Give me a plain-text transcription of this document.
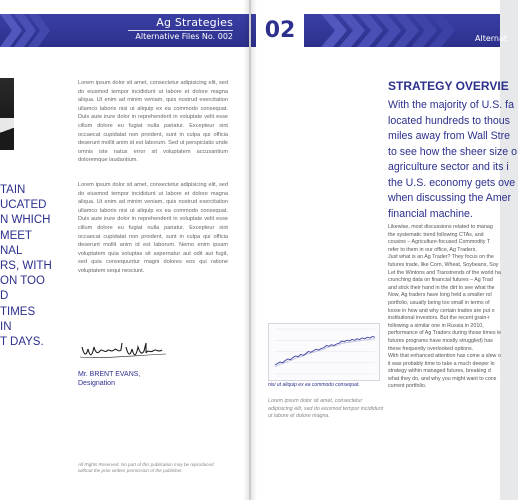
Ag Strategies
Alternative Files No. 002
TAIN
UCATED
N WHICH
MEET
NAL
RS, WITH
ON TOO
D
TIMES
IN
T DAYS.
Lorem ipsum dolor sit amet, consectetur adipisicing elit, sed do eiusmod tempor incididunt ut labore et dolore magna aliqua. Ut enim ad minim veniam, quis nostrud exercitation ullamco laboris nisi ut aliquip ex ea commodo consequat. Duis aute irure dolor in reprehenderit in voluptate velit esse cillum dolore eu fugiat nulla pariatur. Excepteur sint occaecat cupidatat non proident, sunt in culpa qui officia deserunt mollit anim id est laborum. Sed ut perspiciatis unde omnis iste natus error sit voluptatem accusantium doloremque laudantium.
Lorem ipsum dolor sit amet, consectetur adipisicing elit, sed do eiusmod tempor incididunt ut labore et dolore magna aliqua. Ut enim ad minim veniam, quis nostrud exercitation ullamco laboris nisi ut aliquip ex ea commodo consequat. Duis aute irure dolor in reprehenderit in voluptate velit esse cillum dolore eu fugiat nulla pariatur. Excepteur sint occaecat cupidatat non proident, sunt in culpa qui officia deserunt mollit anim id est laborum. Nemo enim ipsam voluptatem quia voluptas sit aspernatur aut odit aut fugit, sed quia consequuntur magni dolores eos qui ratione voluptatem sequi nesciunt.
Mr. BRENT EVANS,
Designation
All Rights Reserved. No part of this publication may be reproduced without the prior written permission of the publisher.
02	Alternat
STRATEGY OVERVIE
With the majority of U.S. fa
located hundreds to thous
miles away from Wall Stre
to see how the sheer size o
agriculture sector and its i
the U.S. economy gets ove
when discussing the Amer
financial machine.
Likewise, most discussions related to manag
the systematic trend following CTAs, and
cousins – Agriculture-focused Commodity T
refer to them in our office, Ag Traders.
Just what is an Ag Trader? They focus on the
futures trade, like Corn, Wheat, Soybeans, Soy
Let the Wintons and Transtrends of the world ha
crunching data on financial futures – Ag Trad
and stick their hand in the dirt to see what the
Now, Ag traders have long held a smaller rol
portfolio, usually being too small in terms of
loose in how and why certain trades are put o
institutional investors. But the recent grain-r
following a similar one in Russia in 2010,
performance of Ag Traders during those times le
futures programs have mostly struggled) has
these frequently overlooked options.
With that enhanced attention has come a slew o
it was probably time to take a much deeper lo
strategy within managed futures, breaking d
what they do, and why you might want to cons
current portfolio.
nisi ut aliquip ex ea commodo consequat.
Lorem ipsum dolor sit amet, consectetur adipisicing elit, sed do eiusmod tempor incididunt ut labore et dolore magna.
